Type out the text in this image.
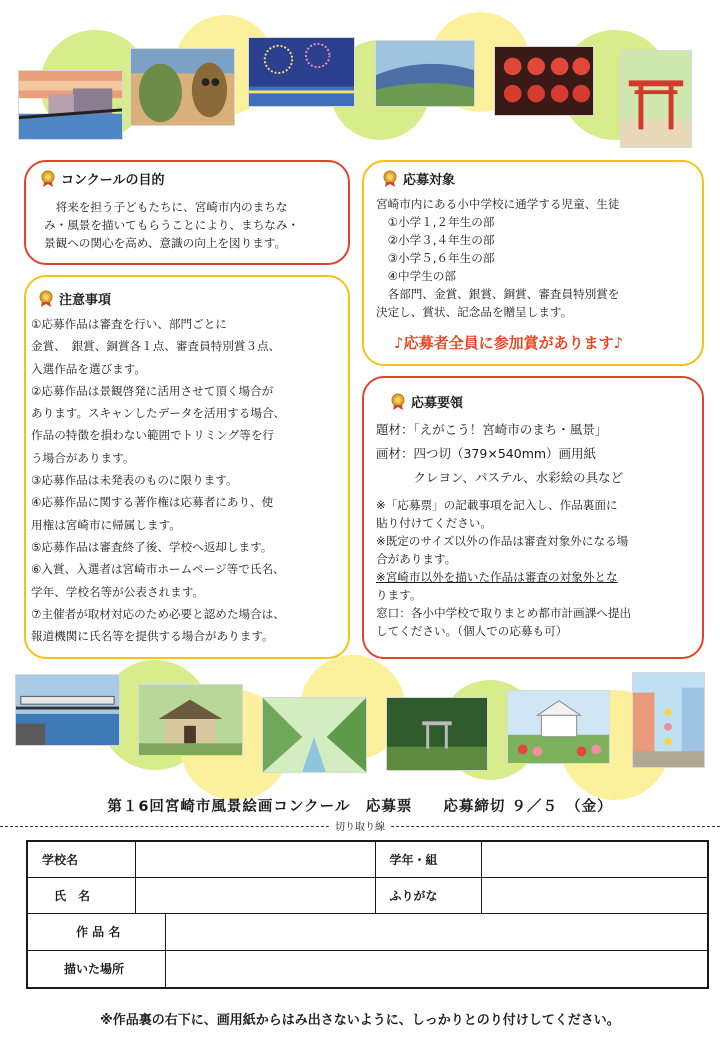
コンクールの目的

　将来を担う子どもたちに、宮崎市内のまちな

み・風景を描いてもらうことにより、まちなみ・

景観への関心を高め、意識の向上を図ります。

応募対象

宮崎市内にある小中学校に通学する児童、生徒

　①小学１,２年生の部

　②小学３,４年生の部

　③小学５,６年生の部

　④中学生の部

　各部門、金賞、銀賞、銅賞、審査員特別賞を

決定し、賞状、記念品を贈呈します。

♪応募者全員に参加賞があります♪
注意事項

①応募作品は審査を行い、部門ごとに

金賞、　銀賞、銅賞各１点、審査員特別賞３点、

入選作品を選びます。

②応募作品は景観啓発に活用させて頂く場合が

あります。スキャンしたデータを活用する場合、

作品の特徴を損わない範囲でトリミング等を行

う場合があります。

③応募作品は未発表のものに限ります。

④応募作品に関する著作権は応募者にあり、使

用権は宮崎市に帰属します。

⑤応募作品は審査終了後、学校へ返却します。

⑥入賞、入選者は宮崎市ホームページ等で氏名、

学年、学校名等が公表されます。

⑦主催者が取材対応のため必要と認めた場合は、

報道機関に氏名等を提供する場合があります。

応募要領

題材：「えがこう！宮崎市のまち・風景」

画材：四つ切（379×540mm）画用紙

　　　クレヨン、パステル、水彩絵の具など

※「応募票」の記載事項を記入し、作品裏面に

貼り付けてください。

※既定のサイズ以外の作品は審査対象外になる場

合があります。

※宮崎市以外を描いた作品は審査の対象外とな

ります。

窓口：各小中学校で取りまとめ都市計画課へ提出

してください。（個人での応募も可）

第１6回宮崎市風景絵画コンクール　応募票　　応募締切 ９／５　（金）
切り取り線
学校名		学年・組	
氏　名		ふりがな	

作 品 名			

描いた場所			
※作品裏の右下に、画用紙からはみ出さないように、しっかりとのり付けしてください。
